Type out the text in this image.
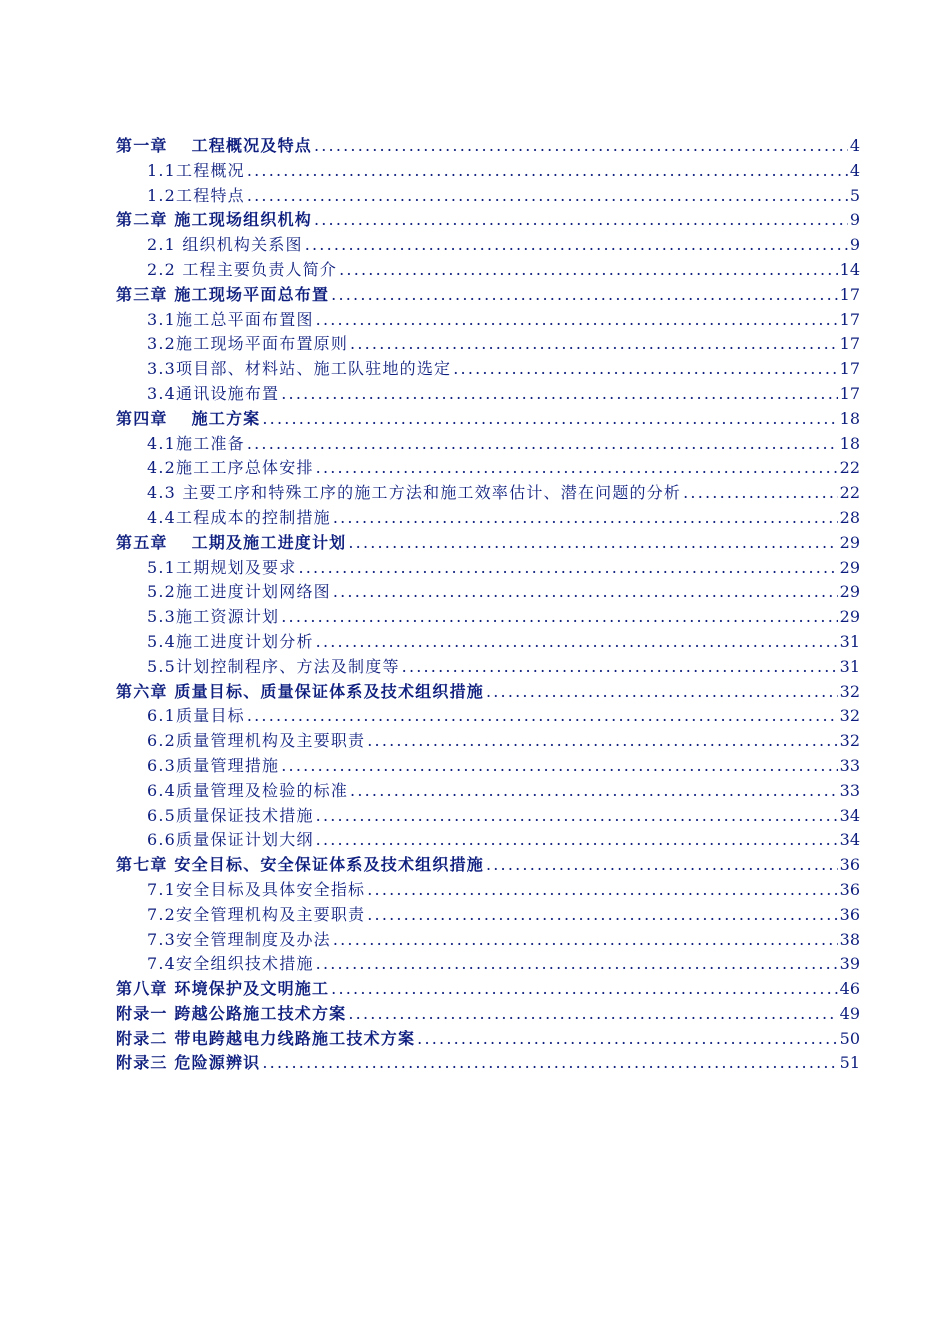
第一章　 工程概况及特点 .....	4
1.1工程概况 .....	4
1.2工程特点 .....	5
第二章 施工现场组织机构 .....	9
2.1 组织机构关系图 .....	9
2.2 工程主要负责人简介 .....	14
第三章 施工现场平面总布置 .....	17
3.1施工总平面布置图 .....	17
3.2施工现场平面布置原则 .....	17
3.3项目部、材料站、施工队驻地的选定 .....	17
3.4通讯设施布置 .....	17
第四章　 施工方案 .....	18
4.1施工准备 .....	18
4.2施工工序总体安排 .....	22
4.3 主要工序和特殊工序的施工方法和施工效率估计、潜在问题的分析 .....	22
4.4工程成本的控制措施 .....	28
第五章　 工期及施工进度计划 .....	29
5.1工期规划及要求 .....	29
5.2施工进度计划网络图 .....	29
5.3施工资源计划 .....	29
5.4施工进度计划分析 .....	31
5.5计划控制程序、方法及制度等 .....	31
第六章 质量目标、质量保证体系及技术组织措施 .....	32
6.1质量目标 .....	32
6.2质量管理机构及主要职责 .....	32
6.3质量管理措施 .....	33
6.4质量管理及检验的标准 .....	33
6.5质量保证技术措施 .....	34
6.6质量保证计划大纲 .....	34
第七章 安全目标、安全保证体系及技术组织措施 .....	36
7.1安全目标及具体安全指标 .....	36
7.2安全管理机构及主要职责 .....	36
7.3安全管理制度及办法 .....	38
7.4安全组织技术措施 .....	39
第八章 环境保护及文明施工 .....	46
附录一 跨越公路施工技术方案 .....	49
附录二 带电跨越电力线路施工技术方案 .....	50
附录三 危险源辨识 .....	51
